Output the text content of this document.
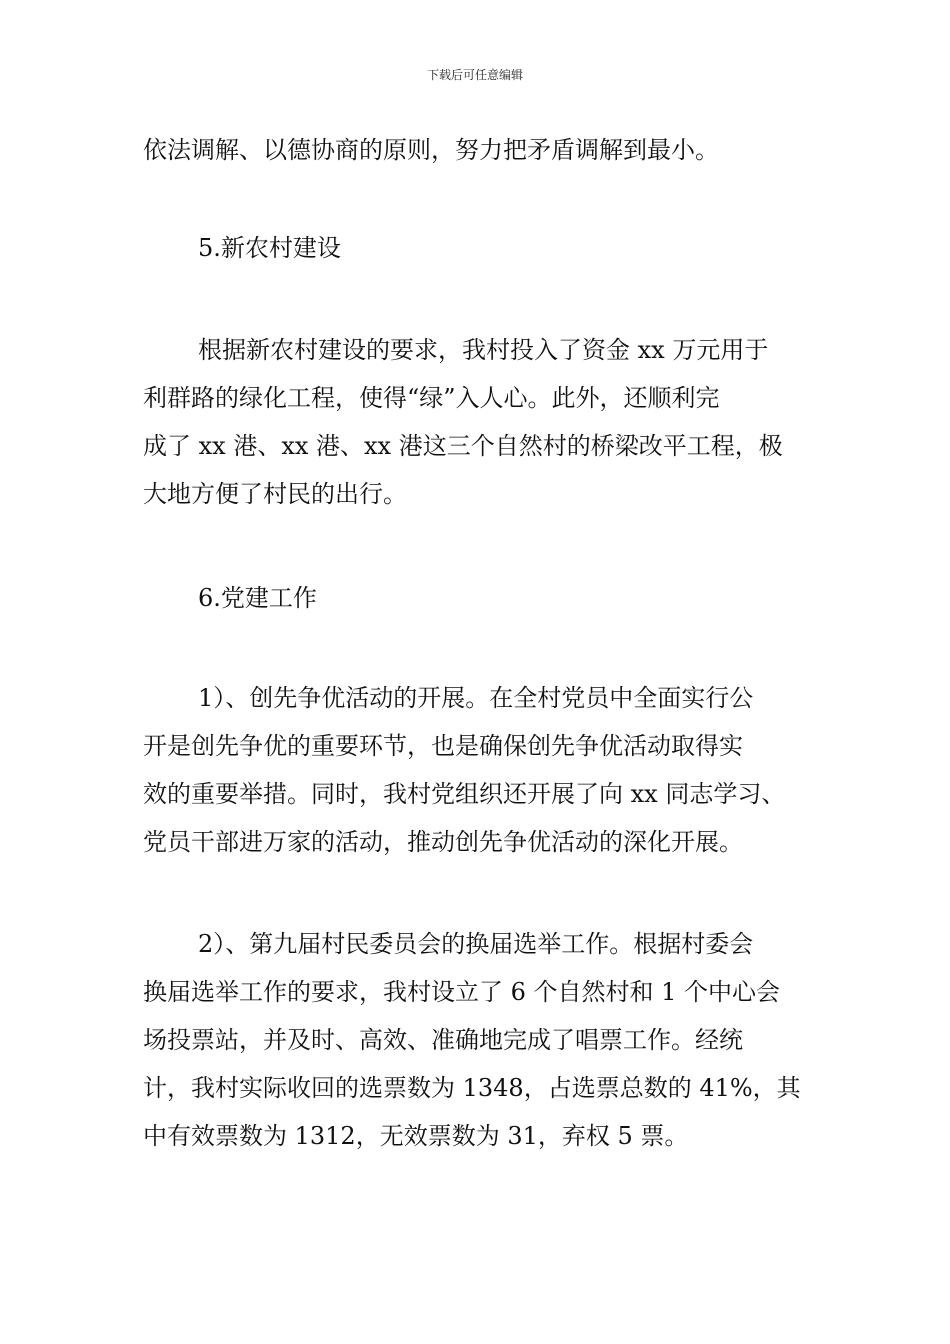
下载后可任意编辑
依法调解、以德协商的原则，努力把矛盾调解到最小。
5.新农村建设
根据新农村建设的要求，我村投入了资金 xx 万元用于
利群路的绿化工程，使得“绿”入人心。此外，还顺利完
成了 xx 港、xx 港、xx 港这三个自然村的桥梁改平工程，极
大地方便了村民的出行。
6.党建工作
1）、创先争优活动的开展。在全村党员中全面实行公
开是创先争优的重要环节，也是确保创先争优活动取得实
效的重要举措。同时，我村党组织还开展了向 xx 同志学习、
党员干部进万家的活动，推动创先争优活动的深化开展。
2）、第九届村民委员会的换届选举工作。根据村委会
换届选举工作的要求，我村设立了 6 个自然村和 1 个中心会
场投票站，并及时、高效、准确地完成了唱票工作。经统
计，我村实际收回的选票数为 1348，占选票总数的 41%，其
中有效票数为 1312，无效票数为 31，弃权 5 票。
